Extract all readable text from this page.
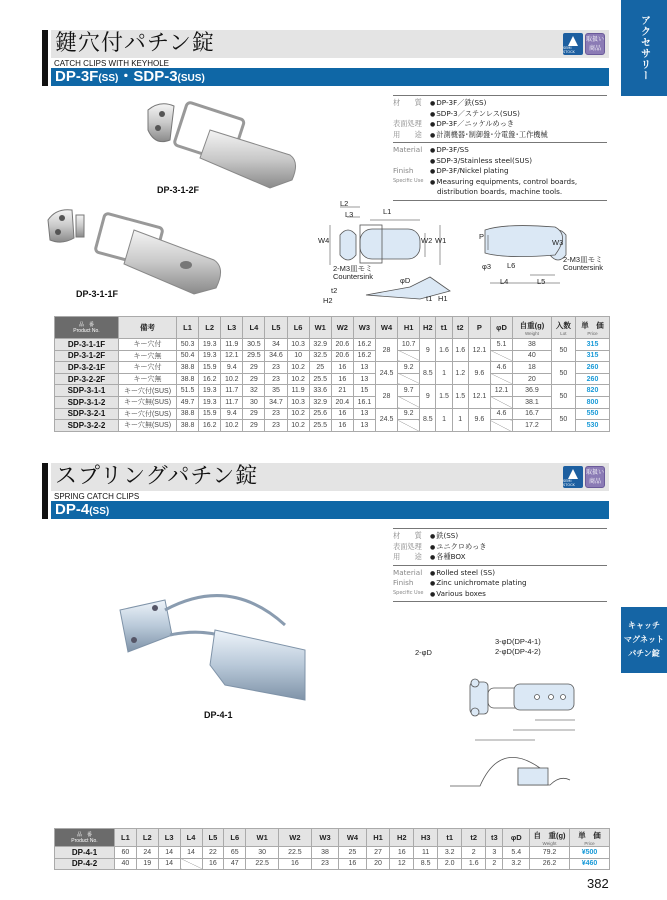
アクセサリー
キャッチ
マグネット
パチン錠
鍵穴付パチン錠
CATCH CLIPS WITH KEYHOLE
DP-3F(SS)・SDP-3(SUS)
SEMI STOCK
取扱い商品
材　　質	● DP-3F／鉄(SS)
● SDP-3／ステンレス(SUS)
表面処理	● DP-3F／ニッケルめっき
用　　途	● 計測機器･制御盤･分電盤･工作機械
Material	● DP-3F/SS
● SDP-3/Stainless steel(SUS)
Finish	● DP-3F/Nickel plating
Specific Use	● Measuring equipments, control boards,
distribution boards, machine tools.
DP-3-1-2F
DP-3-1-1F
L2
L3	L1
W4	W2 W1	P
W3
2-M3皿モミ
Countersink
2-M3皿モミ
Countersink
φ3 L6
L4	L5
φD
H2
t2
t1 H1
品　番
Product No.	備考	L1	L2	L3	L4	L5	L6	W1	W2	W3	W4	H1	H2	t1	t2	P	φD	自重(g)
Weight	入数
Lot	単　価
Price

DP-3-1-1F	キー穴付	50.3	19.3	11.9	30.5	34	10.3	32.9	20.6	16.2	28	10.7	9	1.6	1.6	12.1	5.1	38	50	315
DP-3-1-2F	キー穴無	50.4	19.3	12.1	29.5	34.6	10	32.5	20.6	16.2								40		315
DP-3-2-1F	キー穴付	38.8	15.9	9.4	29	23	10.2	25	16	13	24.5	9.2	8.5	1	1.2	9.6	4.6	18	50	260
DP-3-2-2F	キー穴無	38.8	16.2	10.2	29	23	10.2	25.5	16	13								20		260
SDP-3-1-1	キー穴付(SUS)	51.5	19.3	11.7	32	35	11.9	33.6	21	15	28	9.7	9	1.5	1.5	12.1	12.1	36.9	50	820
SDP-3-1-2	キー穴無(SUS)	49.7	19.3	11.7	30	34.7	10.3	32.9	20.4	16.1								38.1		800
SDP-3-2-1	キー穴付(SUS)	38.8	15.9	9.4	29	23	10.2	25.6	16	13	24.5	9.2	8.5	1	1	9.6	4.6	16.7	50	550
SDP-3-2-2	キー穴無(SUS)	38.8	16.2	10.2	29	23	10.2	25.5	16	13								17.2		530
スプリングパチン錠
SPRING CATCH CLIPS
DP-4(SS)
SEMI STOCK
取扱い商品
材　　質	● 鉄(SS)
表面処理	● ユニクロめっき
用　　途	● 各種BOX
Material	● Rolled steel (SS)
Finish	● Zinc unichromate plating
Specific Use	● Various boxes
DP-4-1
3-φD(DP-4-1)
2-φD(DP-4-2)
2-φD
品　番
Product No.	L1	L2	L3	L4	L5	L6	W1	W2	W3	W4	H1	H2	H3	t1	t2	t3	φD	自　重(g)
Weight	単　価
Price

DP-4-1	60	24	14	14	22	65	30	22.5	38	25	27	16	11	3.2	2	3	5.4	79.2	¥500
DP-4-2	40	19	14		16	47	22.5	16	23	16	20	12	8.5	2.0	1.6	2	3.2	26.2	¥460
382
